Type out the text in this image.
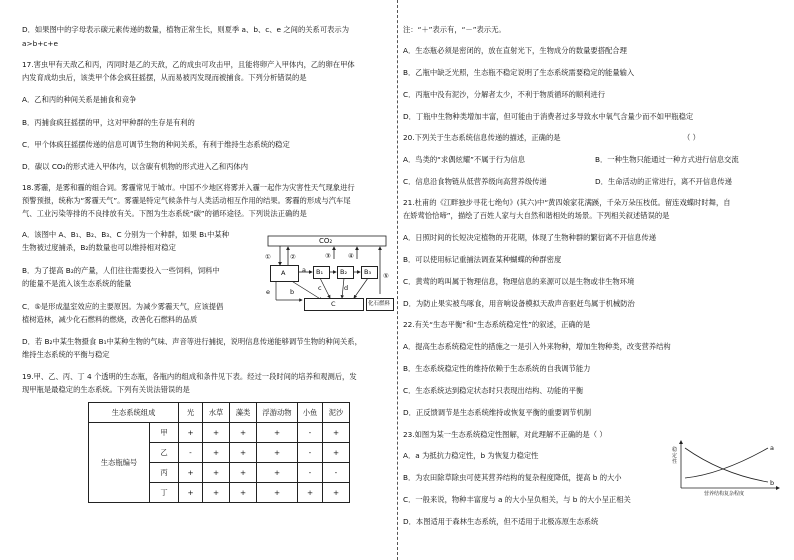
D．如果图中的字母表示碳元素传递的数量，植物正常生长，则夏季 a、b、c、e 之间的关系可表示为
a>b+c+e
17.害虫甲有天敌乙和丙，丙同时是乙的天敌，乙的成虫可攻击甲，且能将卵产入甲体内，乙的卵在甲体
内发育成幼虫后，该类甲个体会疯狂摇摆，从而易被丙发现而被捕食。下列分析错误的是
A．乙和丙的种间关系是捕食和竞争
B．丙捕食疯狂摇摆的甲，这对甲种群的生存是有利的
C．甲个体疯狂摇摆传递的信息可调节生物的种间关系，有利于维持生态系统的稳定
D．碳以 CO₂的形式进入甲体内，以含碳有机物的形式进入乙和丙体内
18.雾霾，是雾和霾的组合词。雾霾常见于城市。中国不少地区将雾并入霾一起作为灾害性天气现象进行
预警预报，统称为“雾霾天气”。雾霾是特定气候条件与人类活动相互作用的结果。雾霾的形成与汽车尾
气、工业污染等排的不良排放有关。下图为生态系统“碳”的循环途径。下列说法正确的是
A．该图中 A、B₁、B₂、B₃、C 分别为一个种群，如果 B₁中某种
生物被过度捕杀，B₂的数量也可以维持相对稳定
B．为了提高 B₂的产量，人们往往需要投入一些饲料，饲料中
的能量不是流入该生态系统的能量
C．⑤是形成温室效应的主要原因。为减少雾霾天气，应该提倡
植树造林，减少化石燃料的燃烧，改善化石燃料的品质
D．若 B₂中某生物摄食 B₁中某种生物的气味、声音等进行捕捉，说明信息传递能够调节生物的种间关系，
维持生态系统的平衡与稳定
19.甲、乙、丙、丁 4 个透明的生态瓶，各瓶内的组成和条件见下表。经过一段时间的培养和观测后，发
现甲瓶是最稳定的生态系统。下列有关说法错误的是
CO₂
A	B₁	B₂	B₃
C	化石燃料
①	②	③	④
⑤
a
b	c	d
e
生态系统组成		光	水草	藻类	浮游动物	小鱼	泥沙
生态瓶编号	甲	+	+	+	+	-	+
	乙	-	+	+	+	-	+
	丙	+	+	+	+	-	-
	丁	+	+	+	+	+	+
注：“＋”表示有，“－”表示无。
A．生态瓶必须是密闭的，放在直射光下，生物成分的数量要搭配合理
B．乙瓶中缺乏光照，生态瓶不稳定说明了生态系统需要稳定的能量输入
C．丙瓶中没有泥沙，分解者太少，不利于物质循环的顺利进行
D．丁瓶中生物种类增加丰富，但可能由于消费者过多导致水中氧气含量少而不如甲瓶稳定
20.下列关于生态系统信息传递的描述，正确的是	（ ）
A．鸟类的“求偶炫耀”不属于行为信息	B．一种生物只能通过一种方式进行信息交流
C．信息沿食物链从低营养级向高营养级传递	D．生命活动的正常进行，离不开信息传递
21.杜甫的《江畔独步寻花七绝句》(其六)中“黄四娘家花满蹊，千朵万朵压枝低。留连戏蝶时时舞，自
在娇莺恰恰啼”，描绘了百姓人家与大自然和谐相处的场景。下列相关叙述错误的是
A．日照时间的长短决定植物的开花期，体现了生物种群的繁衍离不开信息传递
B．可以使用标记重捕法调查某种蝴蝶的种群密度
C．黄莺的鸣叫属于物理信息，物理信息的来源可以是生物或非生物环境
D．为防止果实被鸟啄食，用音响设备模拟天敌声音驱赶鸟属于机械防治
22.有关“生态平衡”和“生态系统稳定性”的叙述，正确的是
A．提高生态系统稳定性的措施之一是引入外来物种，增加生物种类，改变营养结构
B．生态系统稳定性的维持依赖于生态系统的自我调节能力
C．生态系统达到稳定状态时只表现出结构、功能的平衡
D．正反馈调节是生态系统维持或恢复平衡的重要调节机制
23.如图为某一生态系统稳定性图解，对此理解不正确的是（ ）
A．a 为抵抗力稳定性，b 为恢复力稳定性
B．为农田除草除虫可使其营养结构的复杂程度降低，提高 b 的大小
C．一般来说，物种丰富度与 a 的大小呈负相关，与 b 的大小呈正相关
D．本图适用于森林生态系统，但不适用于北极冻原生态系统
稳定性
营养结构复杂程度
a
b
